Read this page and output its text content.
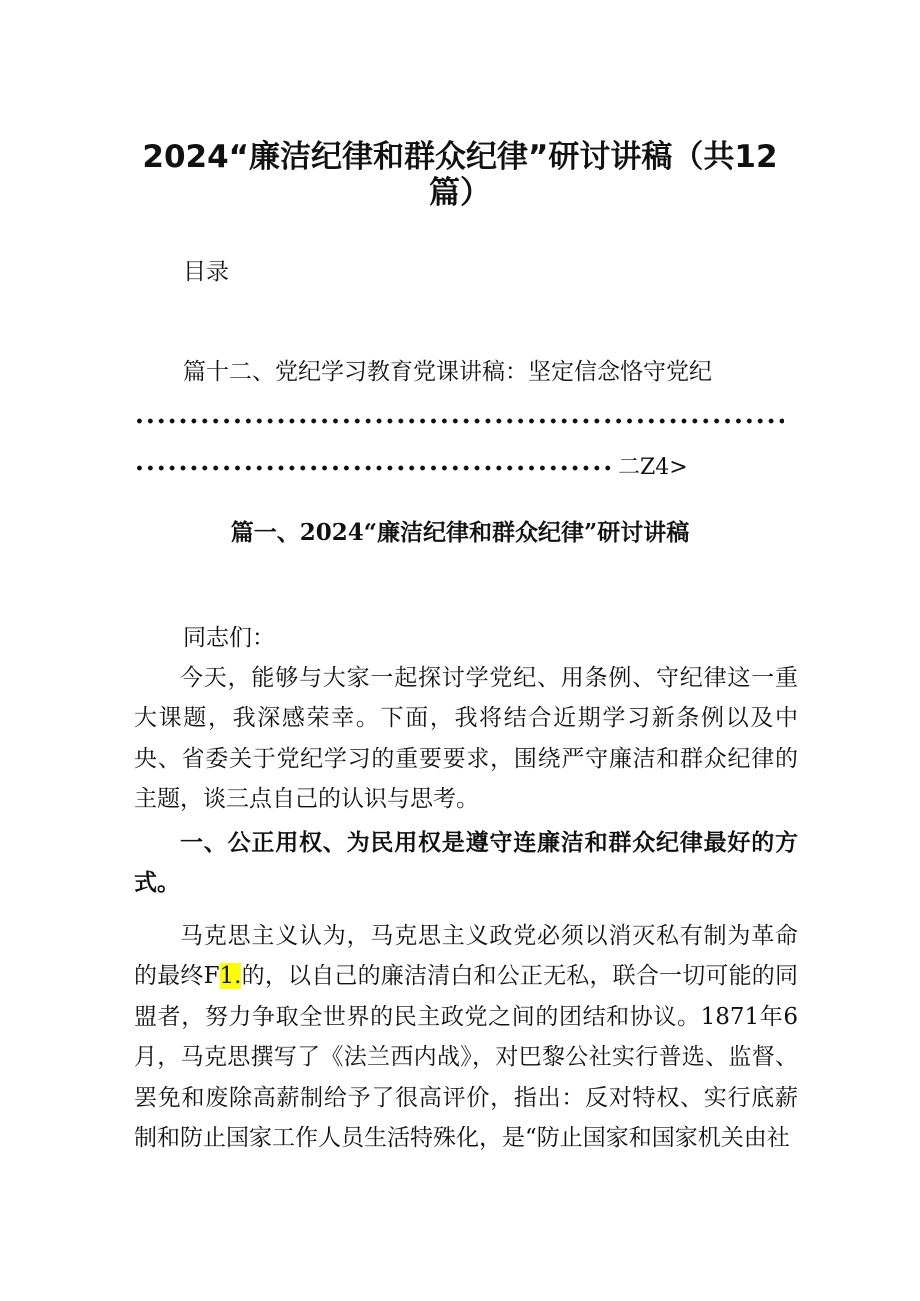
2024“廉洁纪律和群众纪律”研讨讲稿（共12
篇）

目录

篇十二、党纪学习教育党课讲稿：坚定信念恪守党纪

二Z4>
篇一、2024“廉洁纪律和群众纪律”研讨讲稿

同志们：

今天，能够与大家一起探讨学党纪、用条例、守纪律这一重大课题，我深感荣幸。下面，我将结合近期学习新条例以及中央、省委关于党纪学习的重要要求，围绕严守廉洁和群众纪律的主题，谈三点自己的认识与思考。

一、公正用权、为民用权是遵守连廉洁和群众纪律最好的方式。

马克思主义认为，马克思主义政党必须以消灭私有制为革命的最终F1.的，以自己的廉洁清白和公正无私，联合一切可能的同盟者，努力争取全世界的民主政党之间的团结和协议。1871年6月，马克思撰写了《法兰西内战》，对巴黎公社实行普选、监督、罢免和废除高薪制给予了很高评价，指出：反对特权、实行底薪制和防止国家工作人员生活特殊化，是“防止国家和国家机关由社
